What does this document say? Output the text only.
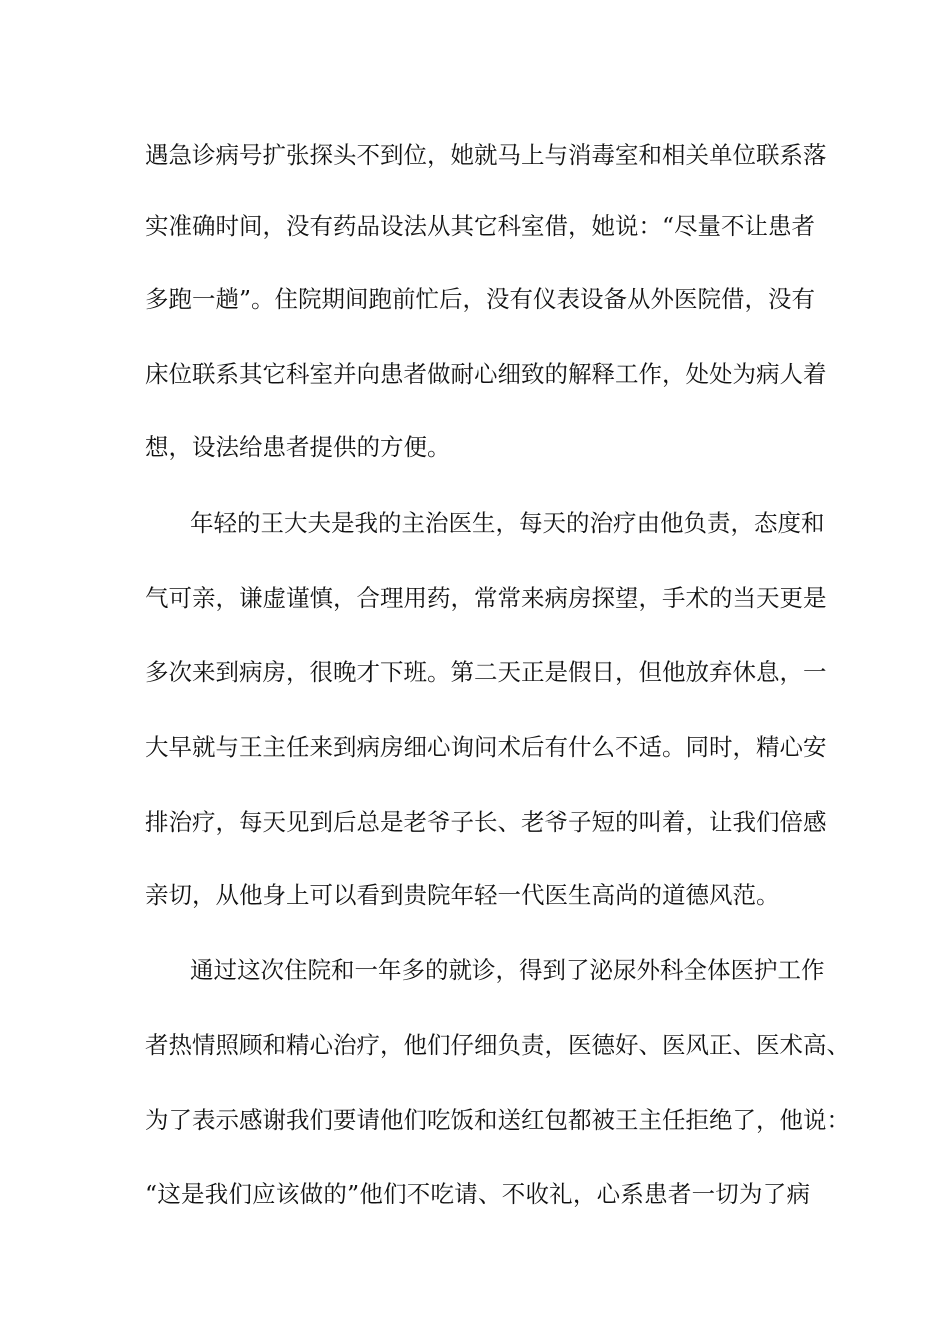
遇急诊病号扩张探头不到位，她就马上与消毒室和相关单位联系落
实准确时间，没有药品设法从其它科室借，她说：“尽量不让患者
多跑一趟”。住院期间跑前忙后，没有仪表设备从外医院借，没有
床位联系其它科室并向患者做耐心细致的解释工作，处处为病人着
想，设法给患者提供的方便。
年轻的王大夫是我的主治医生，每天的治疗由他负责，态度和
气可亲，谦虚谨慎，合理用药，常常来病房探望，手术的当天更是
多次来到病房，很晚才下班。第二天正是假日，但他放弃休息，一
大早就与王主任来到病房细心询问术后有什么不适。同时，精心安
排治疗，每天见到后总是老爷子长、老爷子短的叫着，让我们倍感
亲切，从他身上可以看到贵院年轻一代医生高尚的道德风范。
通过这次住院和一年多的就诊，得到了泌尿外科全体医护工作
者热情照顾和精心治疗，他们仔细负责，医德好、医风正、医术高、
为了表示感谢我们要请他们吃饭和送红包都被王主任拒绝了，他说：
“这是我们应该做的”他们不吃请、不收礼，心系患者一切为了病
